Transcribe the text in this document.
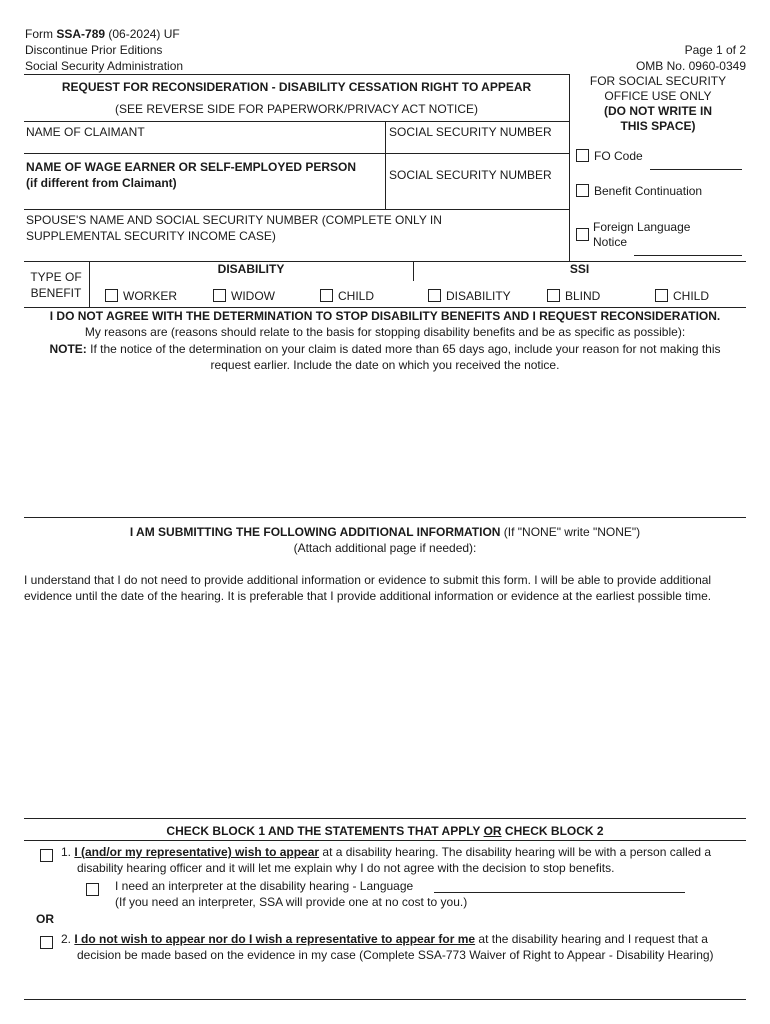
Form SSA-789 (06-2024) UF
Discontinue Prior Editions
Social Security Administration
Page 1 of 2
OMB No. 0960-0349
REQUEST FOR RECONSIDERATION - DISABILITY CESSATION RIGHT TO APPEAR
(SEE REVERSE SIDE FOR PAPERWORK/PRIVACY ACT NOTICE)
FOR SOCIAL SECURITY
OFFICE USE ONLY
(DO NOT WRITE IN
THIS SPACE)
FO Code
Benefit Continuation
Foreign Language
Notice
NAME OF CLAIMANT	SOCIAL SECURITY NUMBER
NAME OF WAGE EARNER OR SELF-EMPLOYED PERSON
(if different from Claimant)
SOCIAL SECURITY NUMBER
SPOUSE'S NAME AND SOCIAL SECURITY NUMBER (COMPLETE ONLY IN
SUPPLEMENTAL SECURITY INCOME CASE)
TYPE OF
BENEFIT
DISABILITY	SSI
WORKER	WIDOW	CHILD	DISABILITY	BLIND	CHILD
I DO NOT AGREE WITH THE DETERMINATION TO STOP DISABILITY BENEFITS AND I REQUEST RECONSIDERATION.
My reasons are (reasons should relate to the basis for stopping disability benefits and be as specific as possible):
NOTE: If the notice of the determination on your claim is dated more than 65 days ago, include your reason for not making this
request earlier. Include the date on which you received the notice.
I AM SUBMITTING THE FOLLOWING ADDITIONAL INFORMATION (If "NONE" write "NONE")
(Attach additional page if needed):
I understand that I do not need to provide additional information or evidence to submit this form. I will be able to provide additional
evidence until the date of the hearing. It is preferable that I provide additional information or evidence at the earliest possible time.
CHECK BLOCK 1 AND THE STATEMENTS THAT APPLY OR CHECK BLOCK 2
1. I (and/or my representative) wish to appear at a disability hearing. The disability hearing will be with a person called a
disability hearing officer and it will let me explain why I do not agree with the decision to stop benefits.
I need an interpreter at the disability hearing - Language
(If you need an interpreter, SSA will provide one at no cost to you.)
OR
2. I do not wish to appear nor do I wish a representative to appear for me at the disability hearing and I request that a
decision be made based on the evidence in my case (Complete SSA-773 Waiver of Right to Appear - Disability Hearing)
